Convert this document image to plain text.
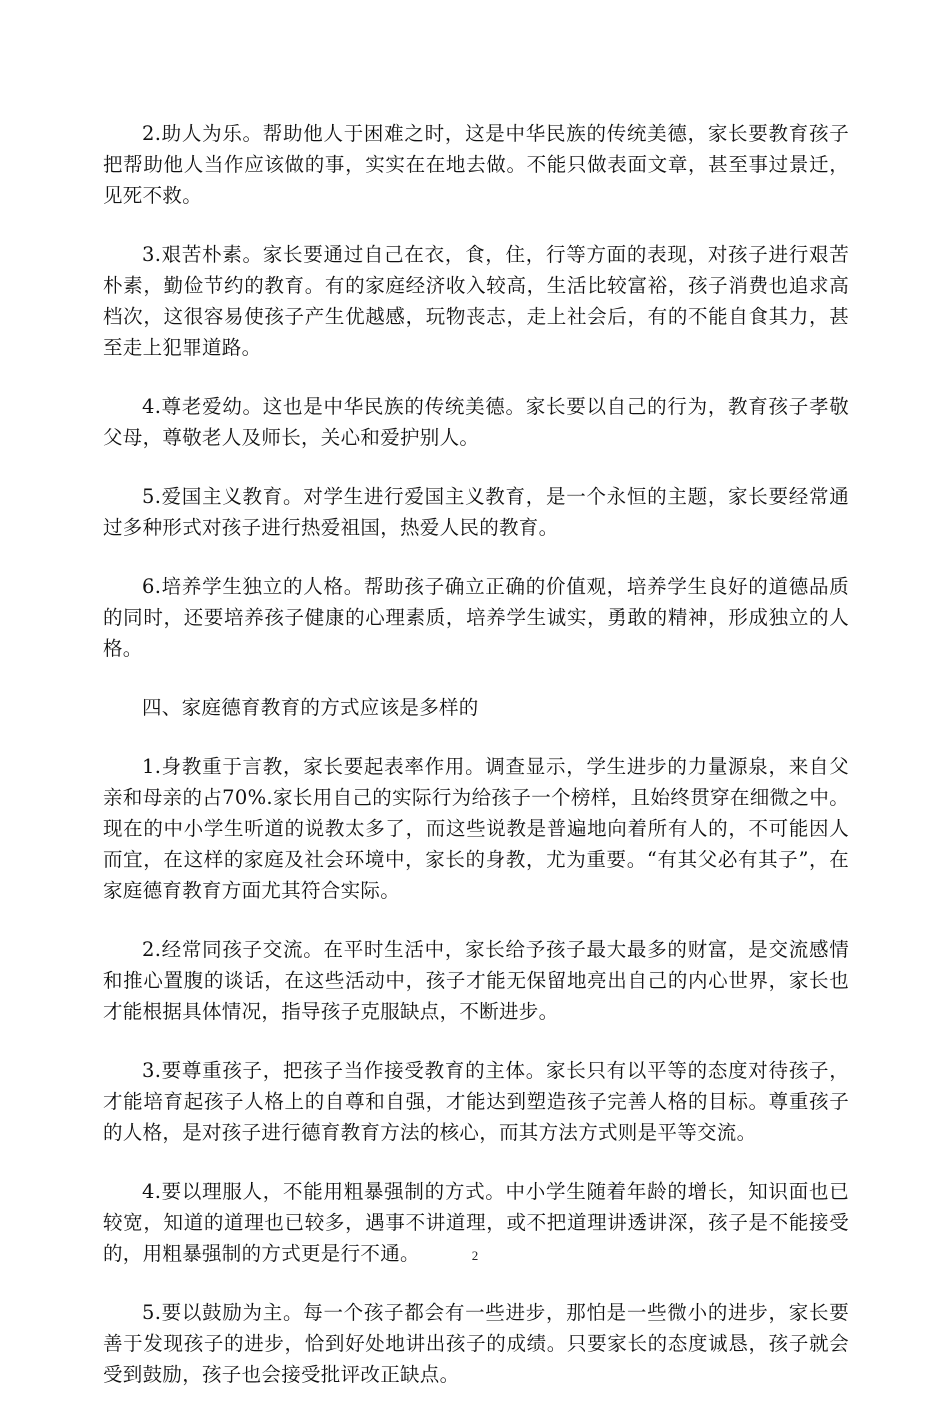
2.助人为乐。帮助他人于困难之时，这是中华民族的传统美德，家长要教育孩子把帮助他人当作应该做的事，实实在在地去做。不能只做表面文章，甚至事过景迁，见死不救。

3.艰苦朴素。家长要通过自己在衣，食，住，行等方面的表现，对孩子进行艰苦朴素，勤俭节约的教育。有的家庭经济收入较高，生活比较富裕，孩子消费也追求高档次，这很容易使孩子产生优越感，玩物丧志，走上社会后，有的不能自食其力，甚至走上犯罪道路。

4.尊老爱幼。这也是中华民族的传统美德。家长要以自己的行为，教育孩子孝敬父母，尊敬老人及师长，关心和爱护别人。

5.爱国主义教育。对学生进行爱国主义教育，是一个永恒的主题，家长要经常通过多种形式对孩子进行热爱祖国，热爱人民的教育。

6.培养学生独立的人格。帮助孩子确立正确的价值观，培养学生良好的道德品质的同时，还要培养孩子健康的心理素质，培养学生诚实，勇敢的精神，形成独立的人格。

四、家庭德育教育的方式应该是多样的

1.身教重于言教，家长要起表率作用。调查显示，学生进步的力量源泉，来自父亲和母亲的占70%.家长用自己的实际行为给孩子一个榜样，且始终贯穿在细微之中。现在的中小学生听道的说教太多了，而这些说教是普遍地向着所有人的，不可能因人而宜，在这样的家庭及社会环境中，家长的身教，尤为重要。“有其父必有其子”，在家庭德育教育方面尤其符合实际。

2.经常同孩子交流。在平时生活中，家长给予孩子最大最多的财富，是交流感情和推心置腹的谈话，在这些活动中，孩子才能无保留地亮出自己的内心世界，家长也才能根据具体情况，指导孩子克服缺点，不断进步。

3.要尊重孩子，把孩子当作接受教育的主体。家长只有以平等的态度对待孩子，才能培育起孩子人格上的自尊和自强，才能达到塑造孩子完善人格的目标。尊重孩子的人格，是对孩子进行德育教育方法的核心，而其方法方式则是平等交流。

4.要以理服人，不能用粗暴强制的方式。中小学生随着年龄的增长，知识面也已较宽，知道的道理也已较多，遇事不讲道理，或不把道理讲透讲深，孩子是不能接受的，用粗暴强制的方式更是行不通。

5.要以鼓励为主。每一个孩子都会有一些进步，那怕是一些微小的进步，家长要善于发现孩子的进步，恰到好处地讲出孩子的成绩。只要家长的态度诚恳，孩子就会受到鼓励，孩子也会接受批评改正缺点。

2
